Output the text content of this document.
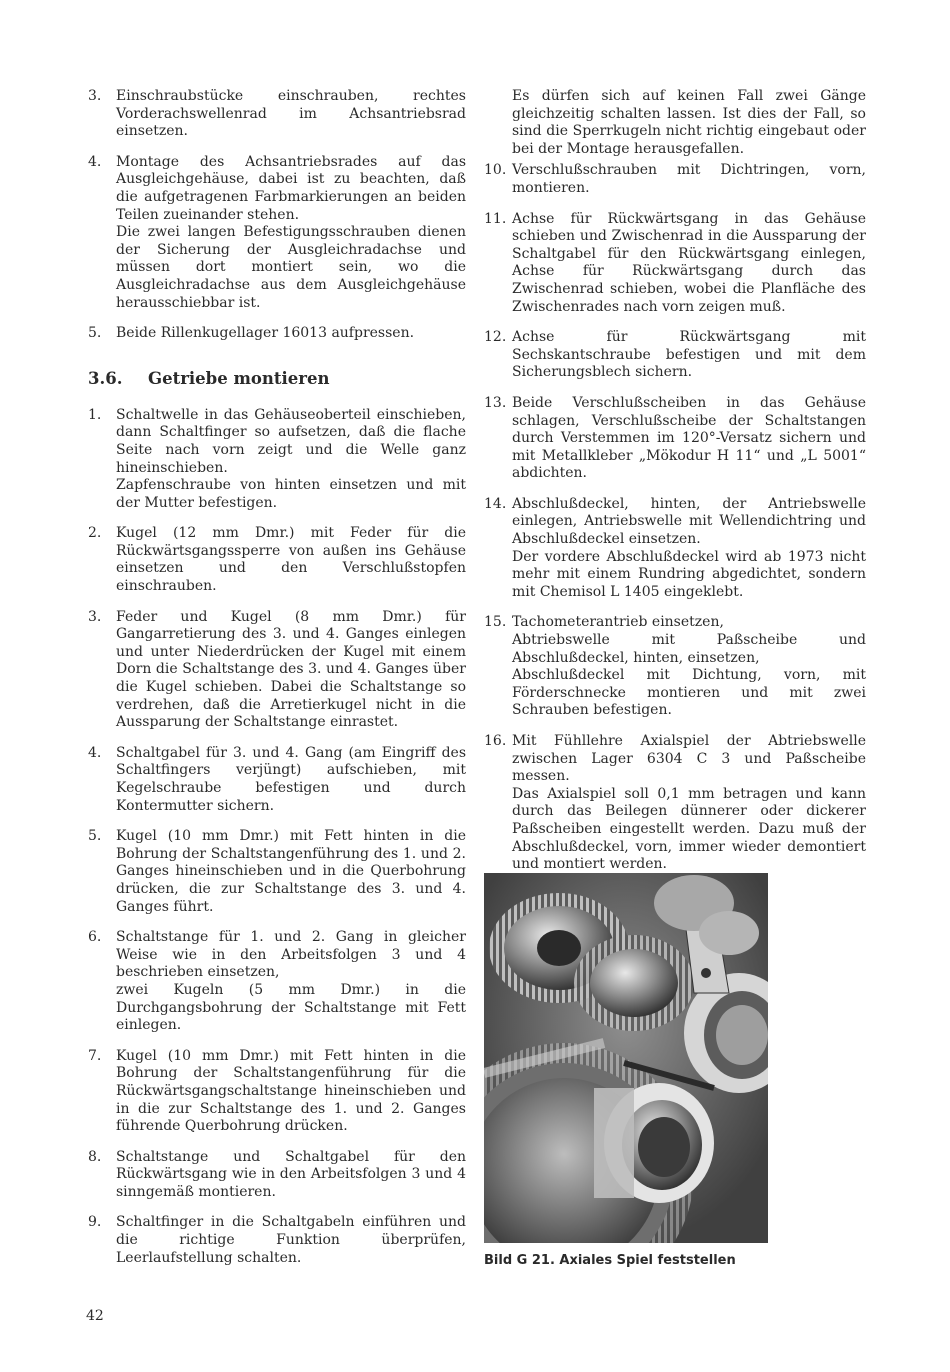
3.	Einschraubstücke einschrauben, rechtes Vorderachswellenrad im Achsantriebsrad einsetzen.

4.	Montage des Achsantriebsrades auf das Ausgleichgehäuse, dabei ist zu beachten, daß die aufgetragenen Farbmarkierungen an beiden Teilen zueinander stehen.

Die zwei langen Befestigungsschrauben dienen der Sicherung der Ausgleichradachse und müssen dort montiert sein, wo die Ausgleichradachse aus dem Ausgleichgehäuse herausschiebbar ist.

5.	Beide Rillenkugellager 16013 aufpressen.

3.6. Getriebe montieren
1.	Schaltwelle in das Gehäuseoberteil einschieben, dann Schaltfinger so aufsetzen, daß die flache Seite nach vorn zeigt und die Welle ganz hineinschieben.

Zapfenschraube von hinten einsetzen und mit der Mutter befestigen.

2.	Kugel (12 mm Dmr.) mit Feder für die Rückwärtsgangssperre von außen ins Gehäuse einsetzen und den Verschlußstopfen einschrauben.

3.	Feder und Kugel (8 mm Dmr.) für Gangarretierung des 3. und 4. Ganges einlegen und unter Niederdrücken der Kugel mit einem Dorn die Schaltstange des 3. und 4. Ganges über die Kugel schieben. Dabei die Schaltstange so verdrehen, daß die Arretierkugel nicht in die Aussparung der Schaltstange einrastet.

4.	Schaltgabel für 3. und 4. Gang (am Eingriff des Schaltfingers verjüngt) aufschieben, mit Kegelschraube befestigen und durch Kontermutter sichern.

5.	Kugel (10 mm Dmr.) mit Fett hinten in die Bohrung der Schaltstangenführung des 1. und 2. Ganges hineinschieben und in die Querbohrung drücken, die zur Schaltstange des 3. und 4. Ganges führt.

6.	Schaltstange für 1. und 2. Gang in gleicher Weise wie in den Arbeitsfolgen 3 und 4 beschrieben einsetzen,

zwei Kugeln (5 mm Dmr.) in die Durchgangsbohrung der Schaltstange mit Fett einlegen.

7.	Kugel (10 mm Dmr.) mit Fett hinten in die Bohrung der Schaltstangenführung für die Rückwärtsgangschaltstange hineinschieben und in die zur Schaltstange des 1. und 2. Ganges führende Querbohrung drücken.

8.	Schaltstange und Schaltgabel für den Rückwärtsgang wie in den Arbeitsfolgen 3 und 4 sinngemäß montieren.

9.	Schaltfinger in die Schaltgabeln einführen und die richtige Funktion überprüfen, Leerlaufstellung schalten.

Es dürfen sich auf keinen Fall zwei Gänge gleichzeitig schalten lassen. Ist dies der Fall, so sind die Sperrkugeln nicht richtig eingebaut oder bei der Montage herausgefallen.

10. Verschlußschrauben mit Dichtringen, vorn, montieren.

11. Achse für Rückwärtsgang in das Gehäuse schieben und Zwischenrad in die Aussparung der Schaltgabel für den Rückwärtsgang einlegen, Achse für Rückwärtsgang durch das Zwischenrad schieben, wobei die Planfläche des Zwischenrades nach vorn zeigen muß.

12. Achse für Rückwärtsgang mit Sechskantschraube befestigen und mit dem Sicherungsblech sichern.

13. Beide Verschlußscheiben in das Gehäuse schlagen, Verschlußscheibe der Schaltstangen durch Verstemmen im 120°-Versatz sichern und mit Metallkleber „Mökodur H 11“ und „L 5001“ abdichten.

14. Abschlußdeckel, hinten, der Antriebswelle einlegen, Antriebswelle mit Wellendichtring und Abschlußdeckel einsetzen.

Der vordere Abschlußdeckel wird ab 1973 nicht mehr mit einem Rundring abgedichtet, sondern mit Chemisol L 1405 eingeklebt.

15. Tachometerantrieb einsetzen,

Abtriebswelle mit Paßscheibe und Abschlußdeckel, hinten, einsetzen,

Abschlußdeckel mit Dichtung, vorn, mit Förderschnecke montieren und mit zwei Schrauben befestigen.

16. Mit Fühllehre Axialspiel der Abtriebswelle zwischen Lager 6304 C 3 und Paßscheibe messen.

Das Axialspiel soll 0,1 mm betragen und kann durch das Beilegen dünnerer oder dickerer Paßscheiben eingestellt werden. Dazu muß der Abschlußdeckel, vorn, immer wieder demontiert und montiert werden.

Bild G 21. Axiales Spiel feststellen
42
